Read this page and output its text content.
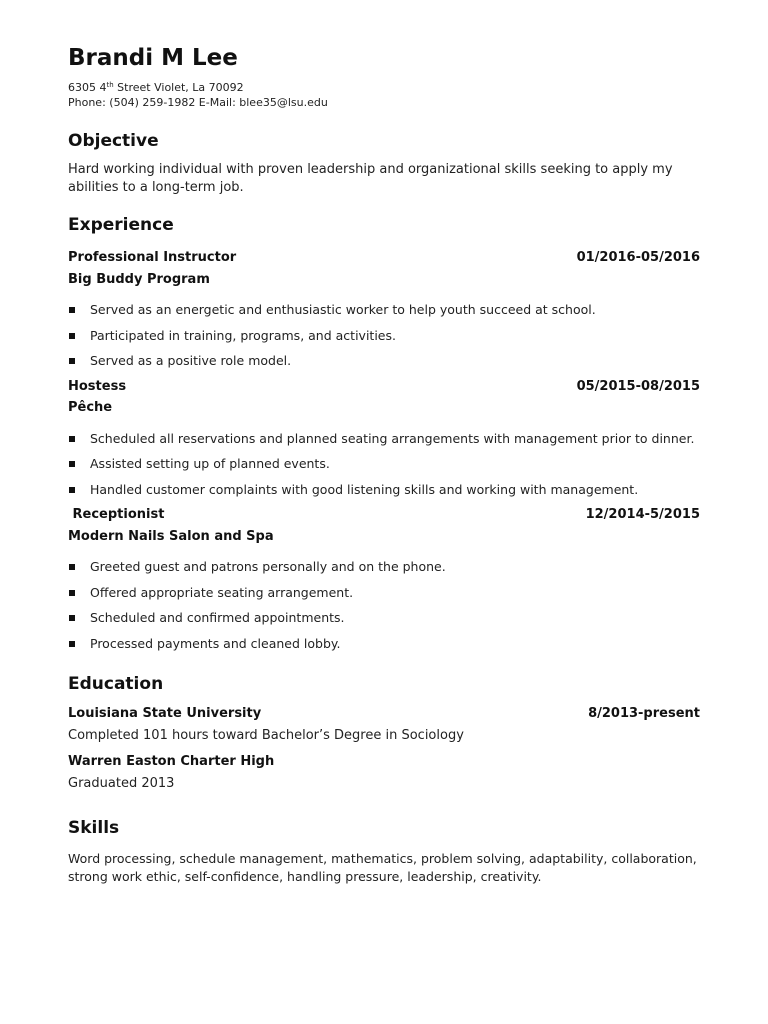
Brandi M Lee
6305 4th Street Violet, La 70092
Phone: (504) 259-1982 E-Mail: blee35@lsu.edu
Objective
Hard working individual with proven leadership and organizational skills seeking to apply my abilities to a long-term job.
Experience
Professional Instructor	01/2016-05/2016
Big Buddy Program
Served as an energetic and enthusiastic worker to help youth succeed at school.
Participated in training, programs, and activities.
Served as a positive role model.
Hostess	05/2015-08/2015
Pêche
Scheduled all reservations and planned seating arrangements with management prior to dinner.
Assisted setting up of planned events.
Handled customer complaints with good listening skills and working with management.
Receptionist	12/2014-5/2015
Modern Nails Salon and Spa
Greeted guest and patrons personally and on the phone.
Offered appropriate seating arrangement.
Scheduled and confirmed appointments.
Processed payments and cleaned lobby.
Education
Louisiana State University	8/2013-present
Completed 101 hours toward Bachelor’s Degree in Sociology
Warren Easton Charter High
Graduated 2013
Skills
Word processing, schedule management, mathematics, problem solving, adaptability, collaboration, strong work ethic, self-confidence, handling pressure, leadership, creativity.
